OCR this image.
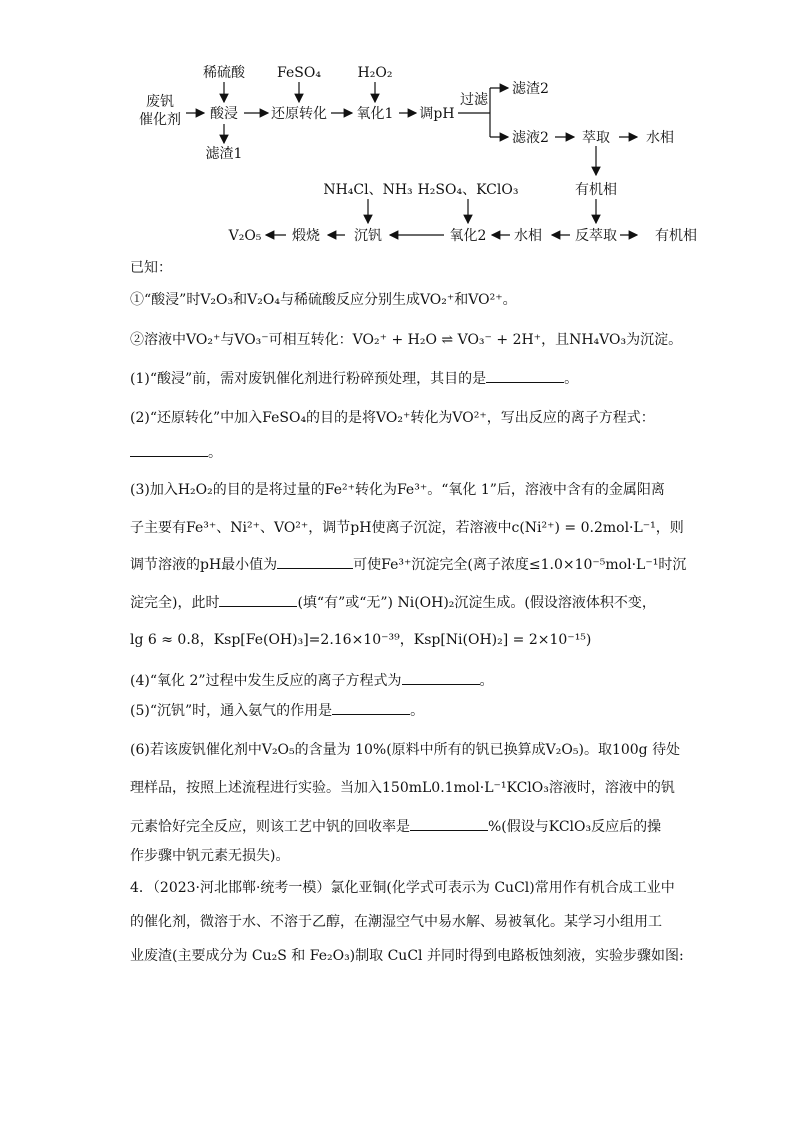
稀硫酸 FeSO₄	H₂O₂
废钒
催化剂 酸浸 还原转化 氧化1 调pH
滤渣1
过滤
滤渣2
滤液2 萃取	水相
有机相
NH₄Cl、NH₃ H₂SO₄、KClO₃
V₂O₅ 煅烧 沉钒	氧化2 水相 反萃取	有机相
已知：
①“酸浸”时V₂O₃和V₂O₄与稀硫酸反应分别生成VO₂⁺和VO²⁺。
②溶液中VO₂⁺与VO₃⁻可相互转化：VO₂⁺ + H₂O ⇌ VO₃⁻ + 2H⁺，且NH₄VO₃为沉淀。
(1)“酸浸”前，需对废钒催化剂进行粉碎预处理，其目的是	。
(2)“还原转化”中加入FeSO₄的目的是将VO₂⁺转化为VO²⁺，写出反应的离子方程式：
。
(3)加入H₂O₂的目的是将过量的Fe²⁺转化为Fe³⁺。“氧化 1”后，溶液中含有的金属阳离
子主要有Fe³⁺、Ni²⁺、VO²⁺，调节pH使离子沉淀，若溶液中c(Ni²⁺) = 0.2mol·L⁻¹，则
调节溶液的pH最小值为	可使Fe³⁺沉淀完全(离子浓度≤1.0×10⁻⁵mol·L⁻¹时沉
淀完全)，此时	(填“有”或“无”) Ni(OH)₂沉淀生成。(假设溶液体积不变，
lg 6 ≈ 0.8，Ksp[Fe(OH)₃]=2.16×10⁻³⁹，Ksp[Ni(OH)₂] = 2×10⁻¹⁵)
(4)“氧化 2”过程中发生反应的离子方程式为	。
(5)“沉钒”时，通入氨气的作用是	。
(6)若该废钒催化剂中V₂O₅的含量为 10%(原料中所有的钒已换算成V₂O₅)。取100g 待处
理样品，按照上述流程进行实验。当加入150mL0.1mol·L⁻¹KClO₃溶液时，溶液中的钒
元素恰好完全反应，则该工艺中钒的回收率是	%(假设与KClO₃反应后的操
作步骤中钒元素无损失)。
4．（2023·河北邯郸·统考一模）氯化亚铜(化学式可表示为 CuCl)常用作有机合成工业中
的催化剂，微溶于水、不溶于乙醇，在潮湿空气中易水解、易被氧化。某学习小组用工
业废渣(主要成分为 Cu₂S 和 Fe₂O₃)制取 CuCl 并同时得到电路板蚀刻液，实验步骤如图:
